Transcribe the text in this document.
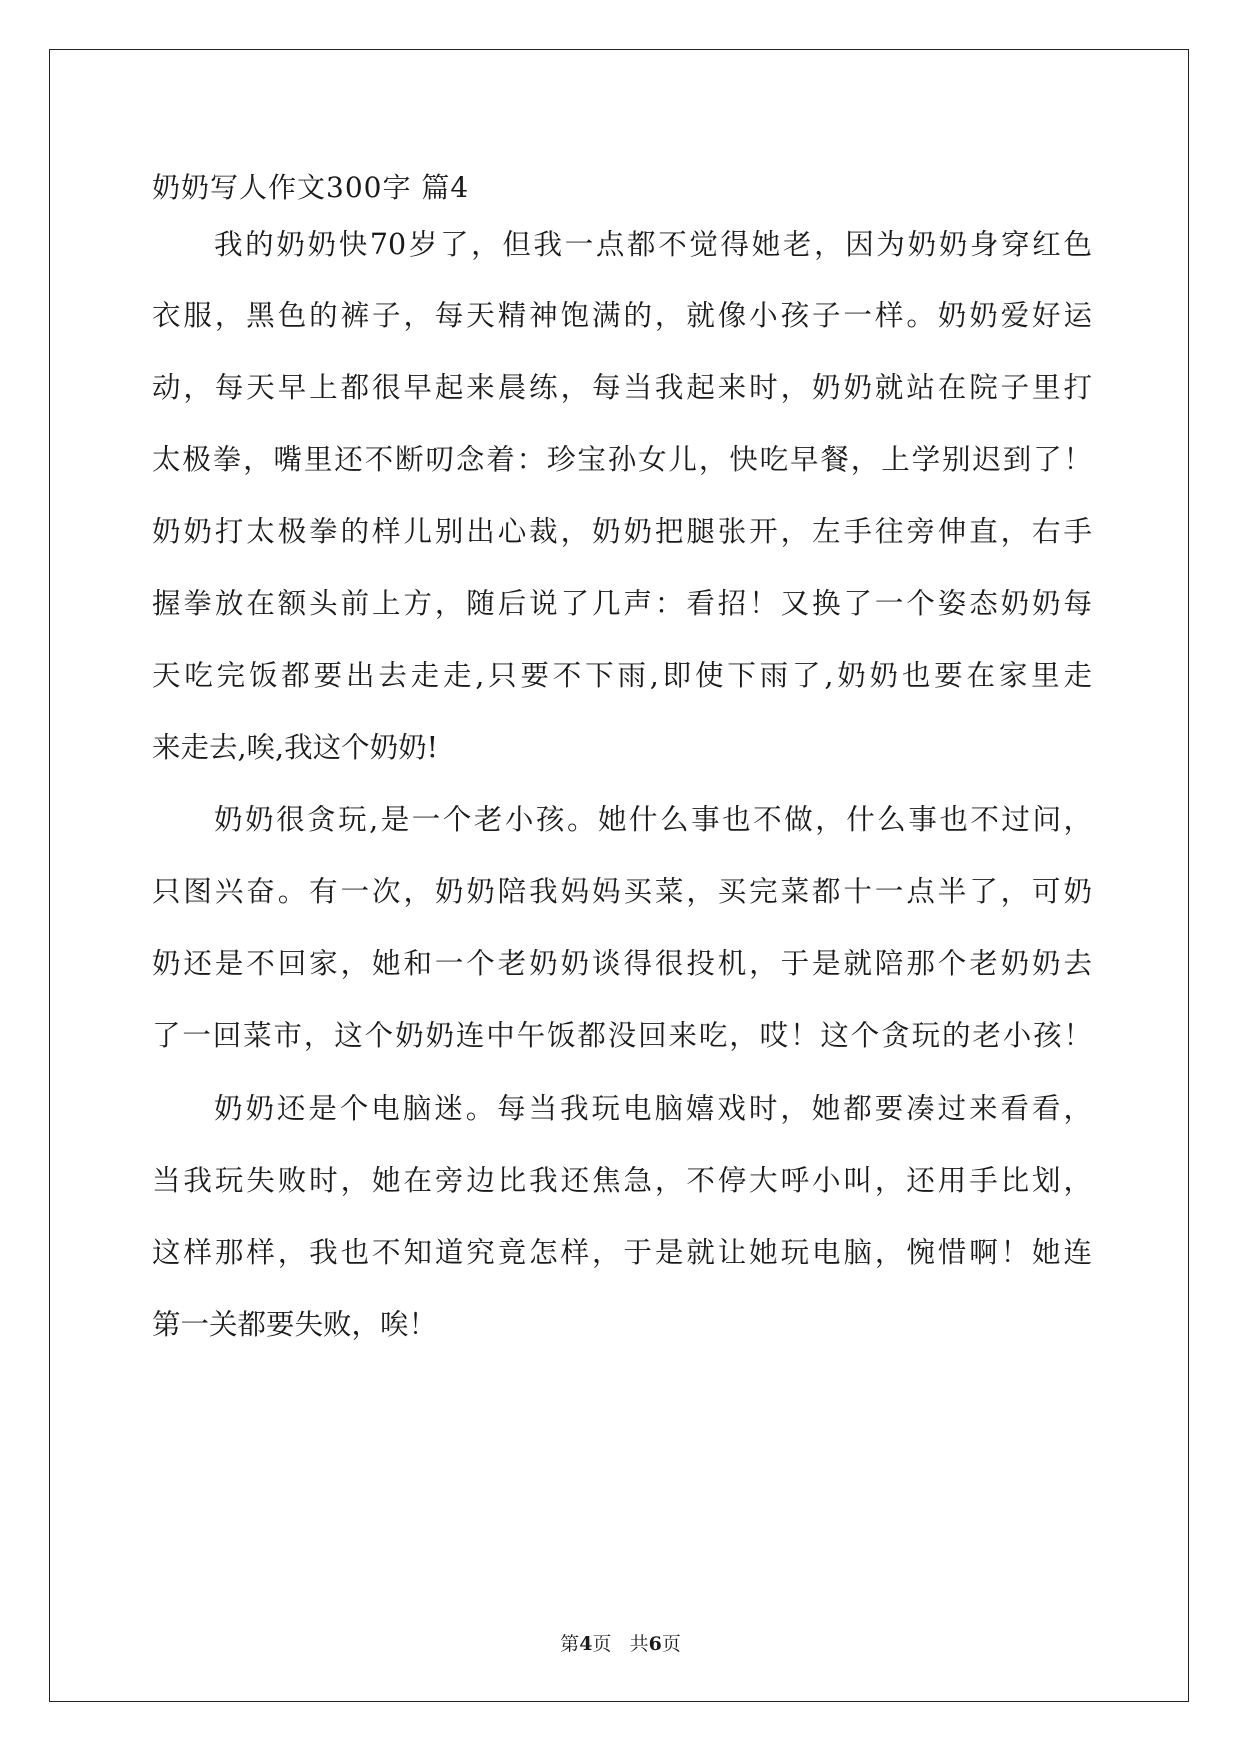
奶奶写人作文300字 篇4
我的奶奶快70岁了，但我一点都不觉得她老，因为奶奶身穿红色
衣服，黑色的裤子，每天精神饱满的，就像小孩子一样。奶奶爱好运
动，每天早上都很早起来晨练，每当我起来时，奶奶就站在院子里打
太极拳，嘴里还不断叨念着：珍宝孙女儿，快吃早餐，上学别迟到了！
奶奶打太极拳的样儿别出心裁，奶奶把腿张开，左手往旁伸直，右手
握拳放在额头前上方，随后说了几声：看招！又换了一个姿态奶奶每
天吃完饭都要出去走走,只要不下雨,即使下雨了,奶奶也要在家里走
来走去,唉,我这个奶奶!
奶奶很贪玩,是一个老小孩。她什么事也不做，什么事也不过问，
只图兴奋。有一次，奶奶陪我妈妈买菜，买完菜都十一点半了，可奶
奶还是不回家，她和一个老奶奶谈得很投机，于是就陪那个老奶奶去
了一回菜市，这个奶奶连中午饭都没回来吃，哎！这个贪玩的老小孩！
奶奶还是个电脑迷。每当我玩电脑嬉戏时，她都要凑过来看看，
当我玩失败时，她在旁边比我还焦急，不停大呼小叫，还用手比划，
这样那样，我也不知道究竟怎样，于是就让她玩电脑，惋惜啊！她连
第一关都要失败，唉！
第4页 共6页
